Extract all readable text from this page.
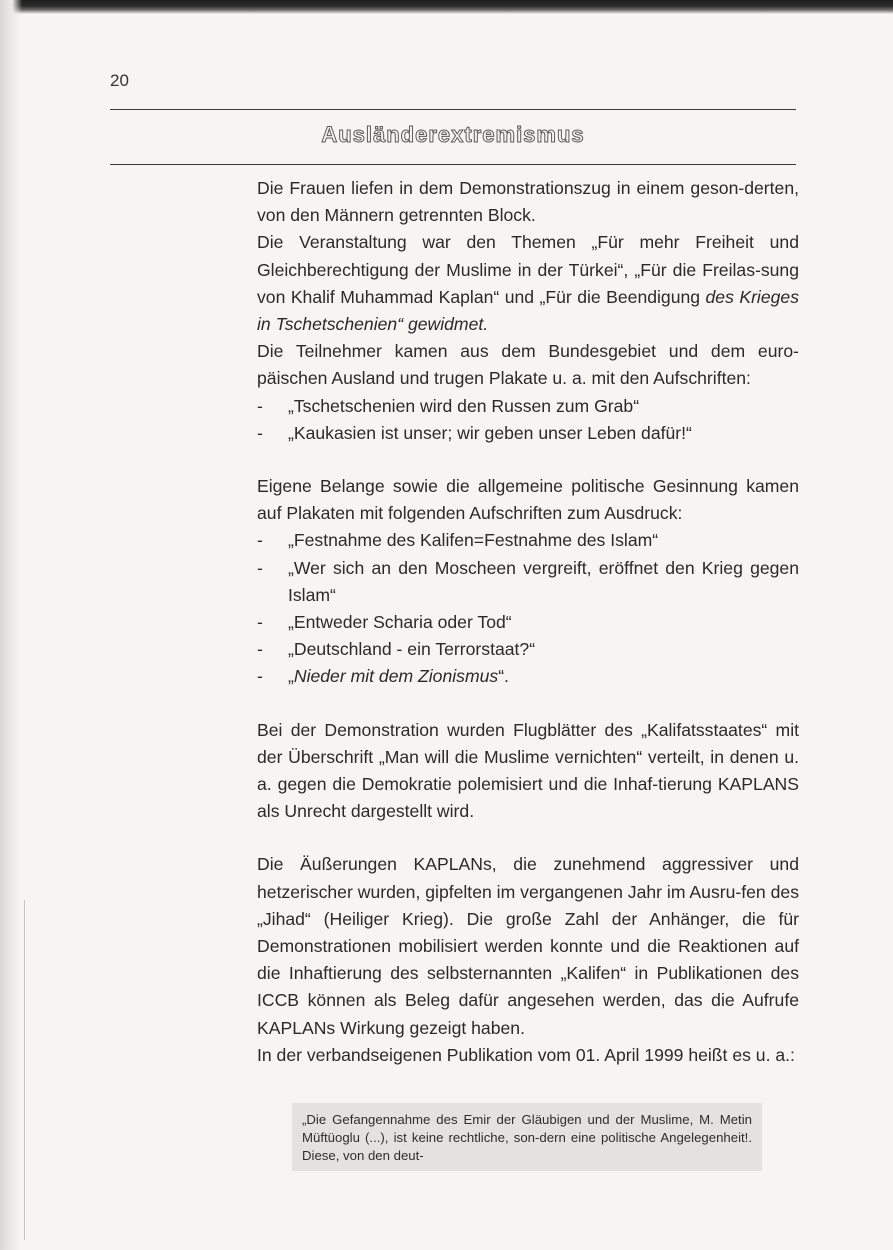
20
Ausländerextremismus

Die Frauen liefen in dem Demonstrationszug in einem geson-derten, von den Männern getrennten Block.

Die Veranstaltung war den Themen „Für mehr Freiheit und Gleichberechtigung der Muslime in der Türkei“, „Für die Freilas-sung von Khalif Muhammad Kaplan“ und „Für die Beendigung des Krieges in Tschetschenien“ gewidmet.

Die Teilnehmer kamen aus dem Bundesgebiet und dem euro-päischen Ausland und trugen Plakate u. a. mit den Aufschriften:

- „Tschetschenien wird den Russen zum Grab“
- „Kaukasien ist unser; wir geben unser Leben dafür!“

Eigene Belange sowie die allgemeine politische Gesinnung kamen auf Plakaten mit folgenden Aufschriften zum Ausdruck:

- „Festnahme des Kalifen=Festnahme des Islam“
- „Wer sich an den Moscheen vergreift, eröffnet den Krieg gegen Islam“
- „Entweder Scharia oder Tod“
- „Deutschland - ein Terrorstaat?“
- „Nieder mit dem Zionismus“.

Bei der Demonstration wurden Flugblätter des „Kalifatsstaates“ mit der Überschrift „Man will die Muslime vernichten“ verteilt, in denen u. a. gegen die Demokratie polemisiert und die Inhaf-tierung KAPLANS als Unrecht dargestellt wird.

Die Äußerungen KAPLANs, die zunehmend aggressiver und hetzerischer wurden, gipfelten im vergangenen Jahr im Ausru-fen des „Jihad“ (Heiliger Krieg). Die große Zahl der Anhänger, die für Demonstrationen mobilisiert werden konnte und die Reaktionen auf die Inhaftierung des selbsternannten „Kalifen“ in Publikationen des ICCB können als Beleg dafür angesehen werden, das die Aufrufe KAPLANs Wirkung gezeigt haben.

In der verbandseigenen Publikation vom 01. April 1999 heißt es u. a.:

„Die Gefangennahme des Emir der Gläubigen und der Muslime, M. Metin Müftüoglu (...), ist keine rechtliche, son-dern eine politische Angelegenheit!. Diese, von den deut-
